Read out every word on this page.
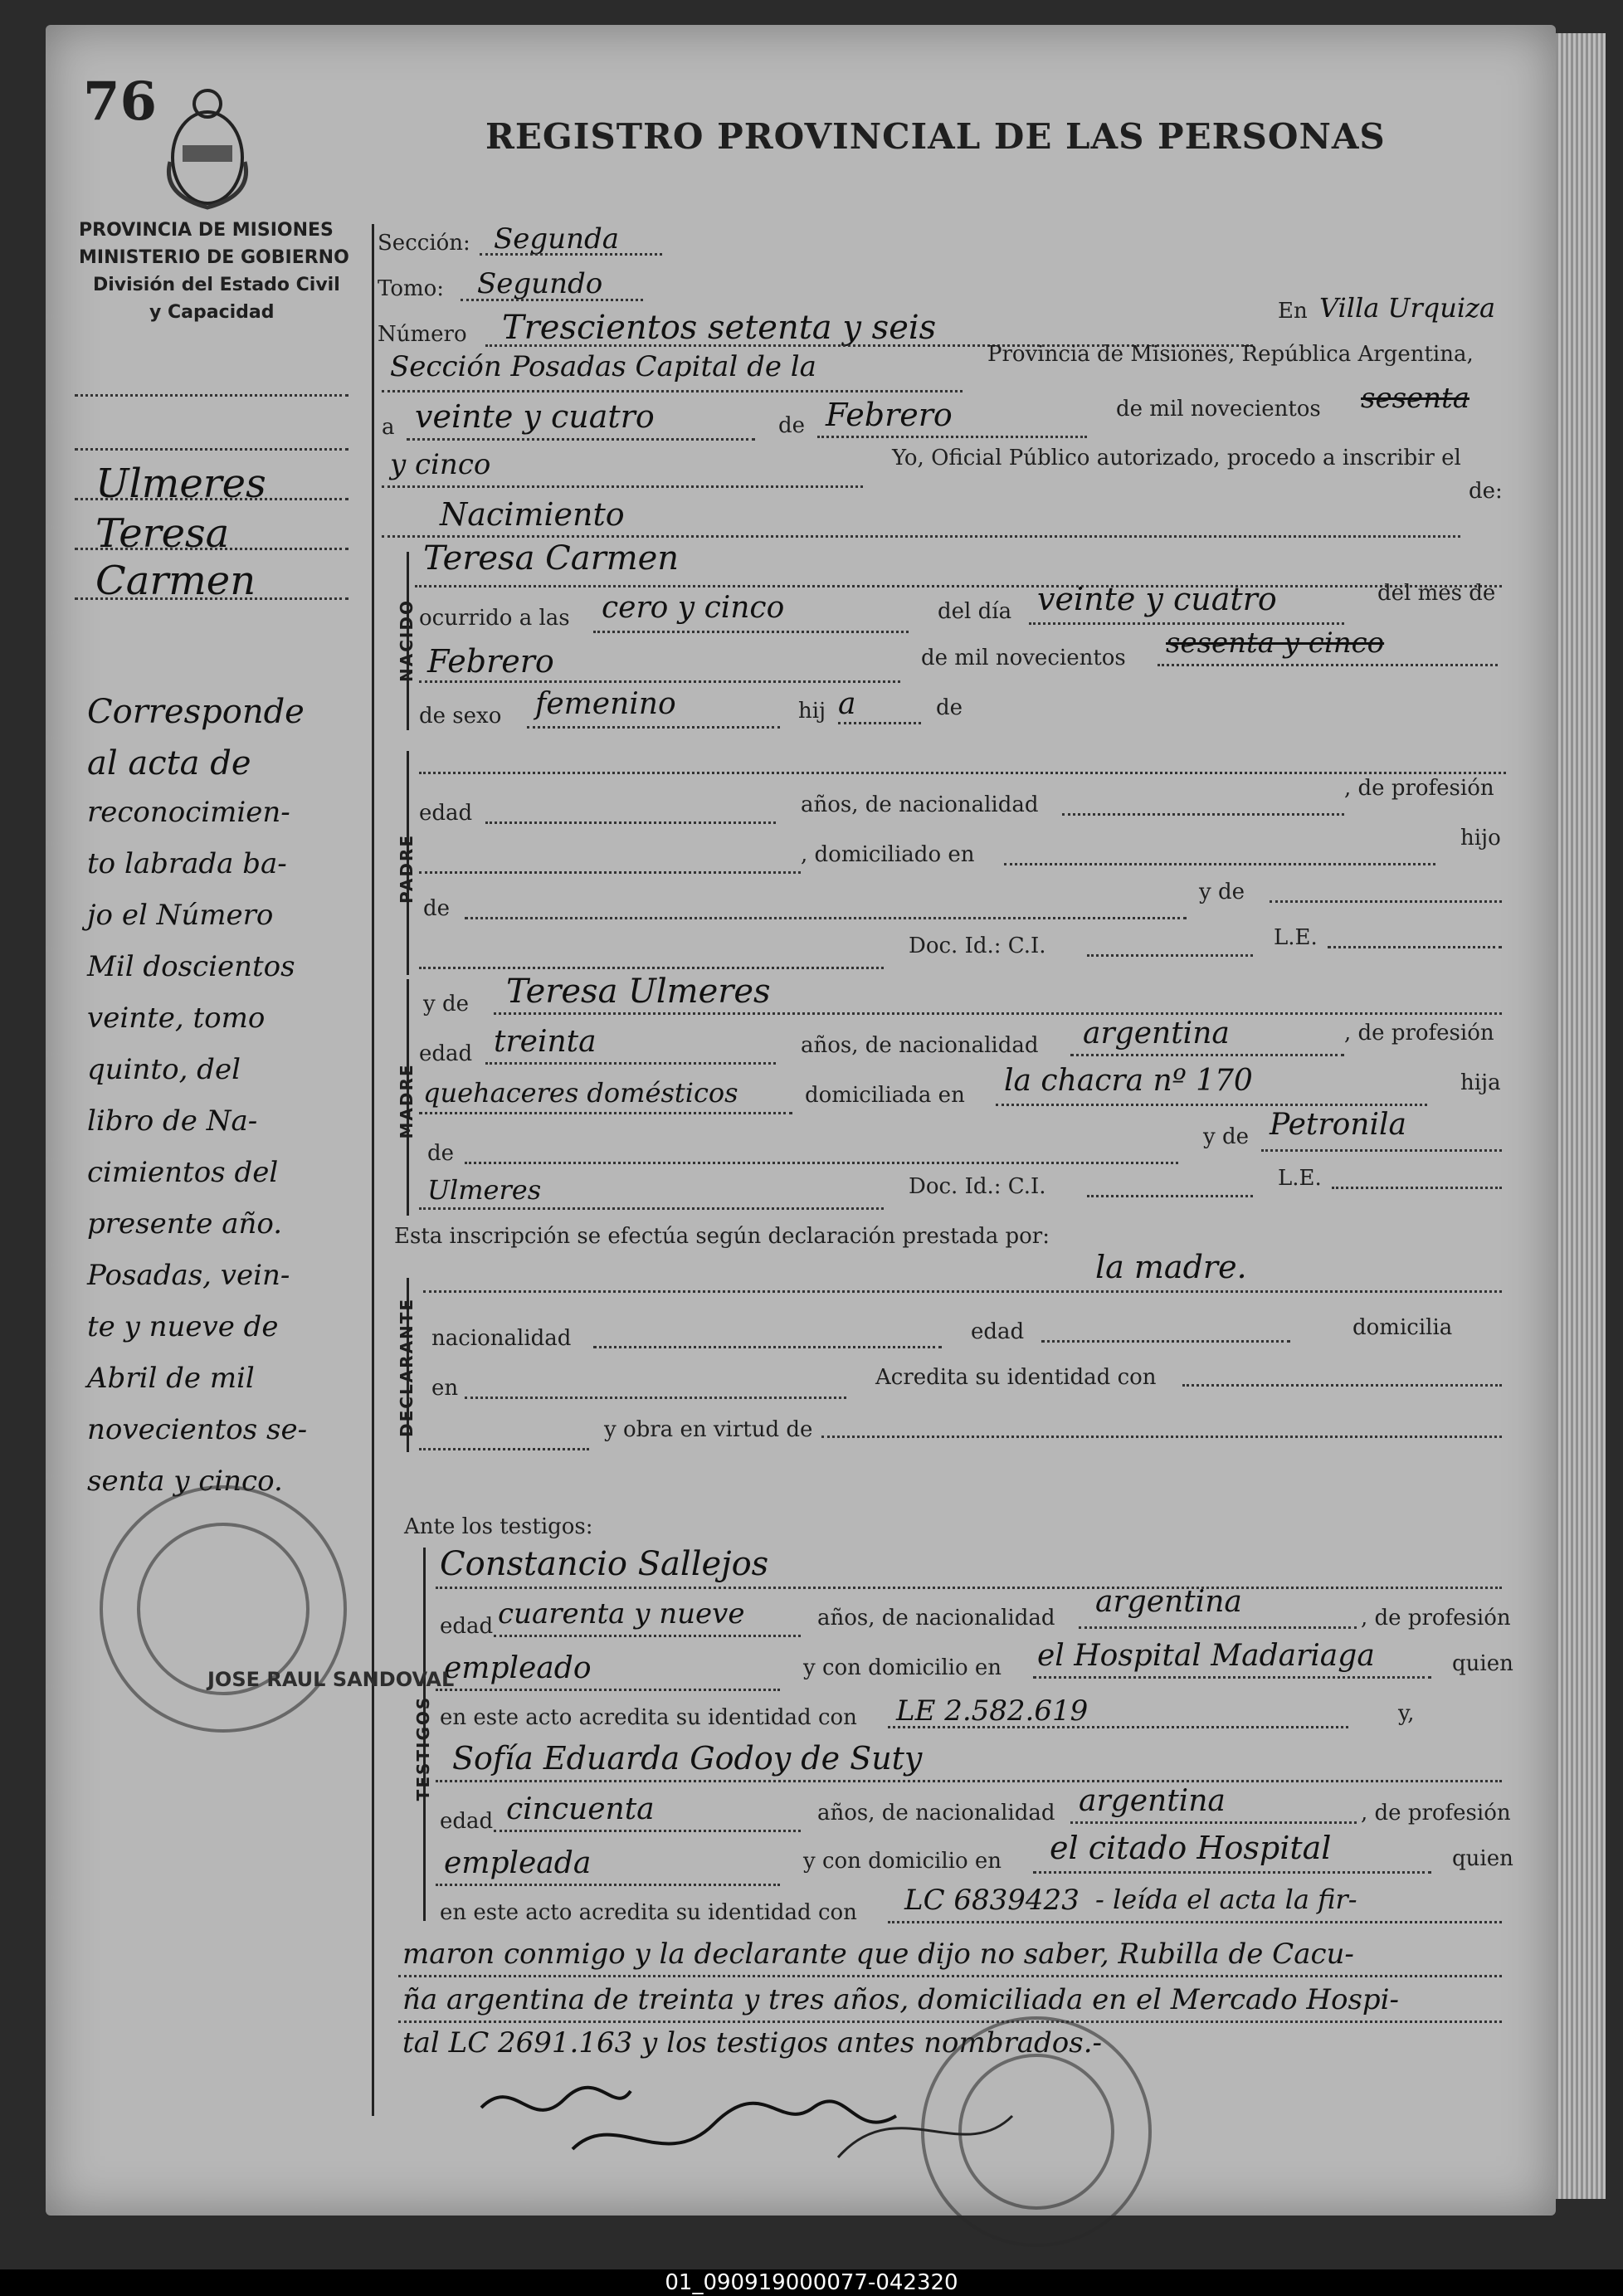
76
REGISTRO PROVINCIAL DE LAS PERSONAS
PROVINCIA DE MISIONES
MINISTERIO DE GOBIERNO
División del Estado Civil
y Capacidad
Ulmeres
Teresa
Carmen
Corresponde
al acta de
reconocimien-
to labrada ba-
jo el Número
Mil doscientos
veinte, tomo
quinto, del
libro de Na-
cimientos del
presente año.
Posadas, vein-
te y nueve de
Abril de mil
novecientos se-
senta y cinco.
Sección: Segunda
Tomo: Segundo
Número Trescientos setenta y seis	En Villa Urquiza
Sección Posadas Capital de la	Provincia de Misiones, República Argentina,
a veinte y cuatro	de Febrero	de mil novecientos sesenta
y cinco	Yo, Oficial Público autorizado, procedo a inscribir el
Nacimiento
de:
NACIDO
Teresa Carmen
ocurrido a las cero y cinco	del día veinte y cuatro	del mes de
Febrero	de mil novecientos sesenta y cinco
de sexo femenino	hij a	de
PADRE
edad	años, de nacionalidad
, de profesión
, domiciliado en
hijo
de
y de
Doc. Id.: C.I.	L.E.
MADRE
y de Teresa Ulmeres
edad treinta	años, de nacionalidad argentina	, de profesión
quehaceres domésticos	domiciliada en la chacra nº 170	hija
de
y de Petronila
Ulmeres	Doc. Id.: C.I.	L.E.
Esta inscripción se efectúa según declaración prestada por:
la madre.
DECLARANTE nacionalidad	edad	domicilia
en	Acredita su identidad con
y obra en virtud de
Ante los testigos:
TESTIGOS
Constancio Sallejos
edad cuarenta y nueve	años, de nacionalidad argentina	, de profesión
empleado	y con domicilio en el Hospital Madariaga	quien
en este acto acredita su identidad con LE 2.582.619	y,
Sofía Eduarda Godoy de Suty
edad cincuenta	años, de nacionalidad argentina	, de profesión
empleada	y con domicilio en el citado Hospital	quien
en este acto acredita su identidad con LC 6839423 - leída el acta la fir-
maron conmigo y la declarante que dijo no saber, Rubilla de Cacu-
ña argentina de treinta y tres años, domiciliada en el Mercado Hospi-
tal LC 2691.163 y los testigos antes nombrados.-
JOSE RAUL SANDOVAL
01_090919000077-042320
